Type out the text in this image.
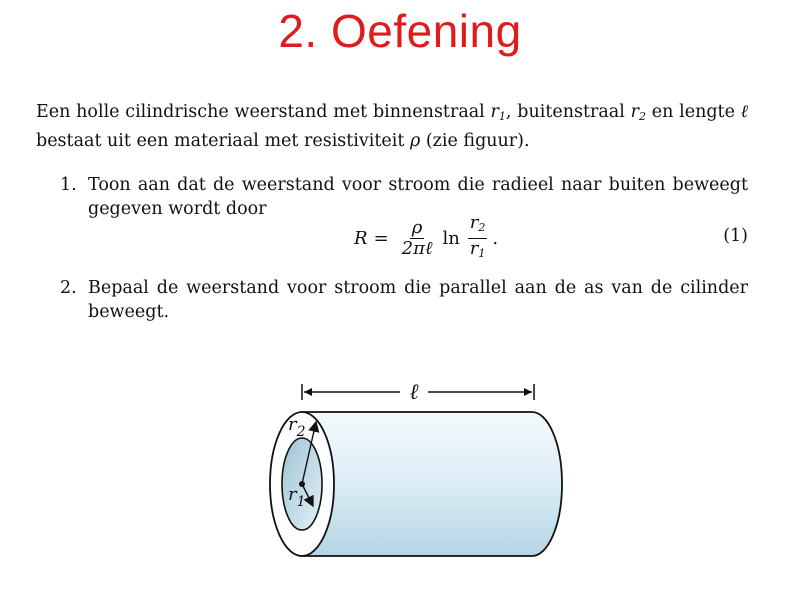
2. Oefening
Een holle cilindrische weerstand met binnenstraal $r_1$, buitenstraal $r_2$ en lengte ℓ bestaat uit een materiaal met resistiviteit ρ (zie figuur).
1. Toon aan dat de weerstand voor stroom die radieel naar buiten beweegt gegeven wordt door
$R = \frac{\rho}{\text{2πℓ}}$ $\ln \frac{r_2}{r_1}$ .	(1)
2. Bepaal de weerstand voor stroom die parallel aan de as van de cilinder beweegt.
ℓ
$r_2$
$r_1$
